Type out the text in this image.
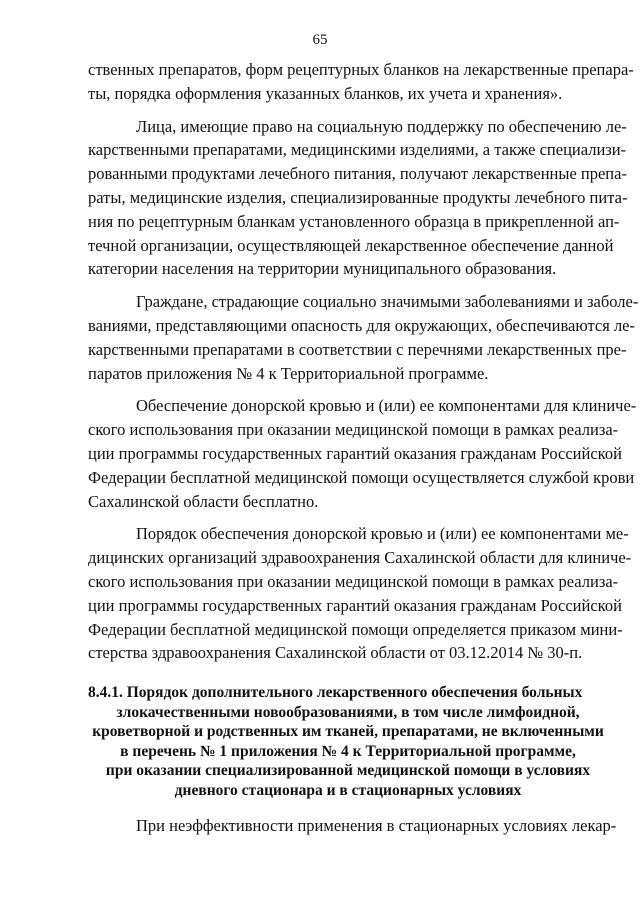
65

ственных препаратов, форм рецептурных бланков на лекарственные препара-
ты, порядка оформления указанных бланков, их учета и хранения».

Лица, имеющие право на социальную поддержку по обеспечению ле-
карственными препаратами, медицинскими изделиями, а также специализи-
рованными продуктами лечебного питания, получают лекарственные препа-
раты, медицинские изделия, специализированные продукты лечебного пита-
ния по рецептурным бланкам установленного образца в прикрепленной ап-
течной организации, осуществляющей лекарственное обеспечение данной
категории населения на территории муниципального образования.

Граждане, страдающие социально значимыми заболеваниями и заболе-
ваниями, представляющими опасность для окружающих, обеспечиваются ле-
карственными препаратами в соответствии с перечнями лекарственных пре-
паратов приложения № 4 к Территориальной программе.

Обеспечение донорской кровью и (или) ее компонентами для клиниче-
ского использования при оказании медицинской помощи в рамках реализа-
ции программы государственных гарантий оказания гражданам Российской
Федерации бесплатной медицинской помощи осуществляется службой крови
Сахалинской области бесплатно.

Порядок обеспечения донорской кровью и (или) ее компонентами ме-
дицинских организаций здравоохранения Сахалинской области для клиниче-
ского использования при оказании медицинской помощи в рамках реализа-
ции программы государственных гарантий оказания гражданам Российской
Федерации бесплатной медицинской помощи определяется приказом мини-
стерства здравоохранения Сахалинской области от 03.12.2014 № 30-п.

8.4.1. Порядок дополнительного лекарственного обеспечения больных
злокачественными новообразованиями, в том числе лимфоидной,
кроветворной и родственных им тканей, препаратами, не включенными
в перечень № 1 приложения № 4 к Территориальной программе,
при оказании специализированной медицинской помощи в условиях
дневного стационара и в стационарных условиях

При неэффективности применения в стационарных условиях лекар-
